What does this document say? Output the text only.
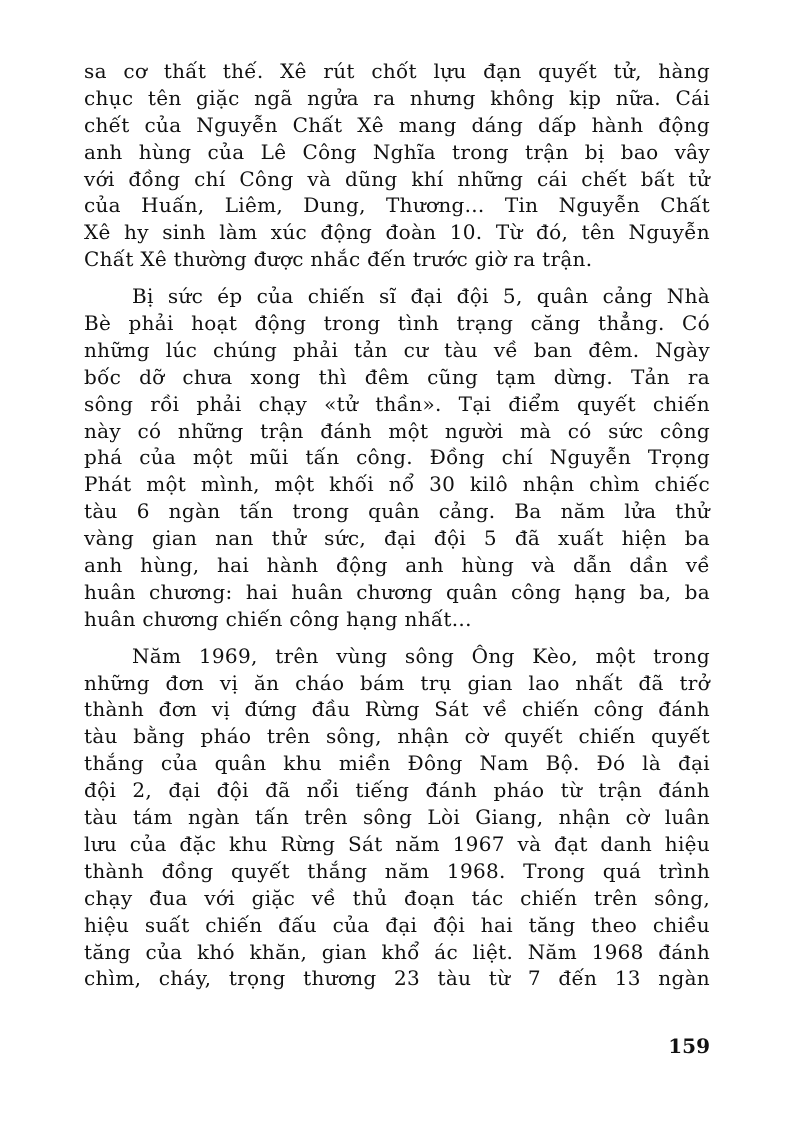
sa cơ thất thế. Xê rút chốt lựu đạn quyết tử, hàng
chục tên giặc ngã ngửa ra nhưng không kịp nữa. Cái
chết của Nguyễn Chất Xê mang dáng dấp hành động
anh hùng của Lê Công Nghĩa trong trận bị bao vây
với đồng chí Công và dũng khí những cái chết bất tử
của Huấn, Liêm, Dung, Thương... Tin Nguyễn Chất
Xê hy sinh làm xúc động đoàn 10. Từ đó, tên Nguyễn
Chất Xê thường được nhắc đến trước giờ ra trận.
Bị sức ép của chiến sĩ đại đội 5, quân cảng Nhà
Bè phải hoạt động trong tình trạng căng thẳng. Có
những lúc chúng phải tản cư tàu về ban đêm. Ngày
bốc dỡ chưa xong thì đêm cũng tạm dừng. Tản ra
sông rồi phải chạy «tử thần». Tại điểm quyết chiến
này có những trận đánh một người mà có sức công
phá của một mũi tấn công. Đồng chí Nguyễn Trọng
Phát một mình, một khối nổ 30 kilô nhận chìm chiếc
tàu 6 ngàn tấn trong quân cảng. Ba năm lửa thử
vàng gian nan thử sức, đại đội 5 đã xuất hiện ba
anh hùng, hai hành động anh hùng và dẫn dần về
huân chương: hai huân chương quân công hạng ba, ba
huân chương chiến công hạng nhất...
Năm 1969, trên vùng sông Ông Kèo, một trong
những đơn vị ăn cháo bám trụ gian lao nhất đã trở
thành đơn vị đứng đầu Rừng Sát về chiến công đánh
tàu bằng pháo trên sông, nhận cờ quyết chiến quyết
thắng của quân khu miền Đông Nam Bộ. Đó là đại
đội 2, đại đội đã nổi tiếng đánh pháo từ trận đánh
tàu tám ngàn tấn trên sông Lòi Giang, nhận cờ luân
lưu của đặc khu Rừng Sát năm 1967 và đạt danh hiệu
thành đồng quyết thắng năm 1968. Trong quá trình
chạy đua với giặc về thủ đoạn tác chiến trên sông,
hiệu suất chiến đấu của đại đội hai tăng theo chiều
tăng của khó khăn, gian khổ ác liệt. Năm 1968 đánh
chìm, cháy, trọng thương 23 tàu từ 7 đến 13 ngàn
159
